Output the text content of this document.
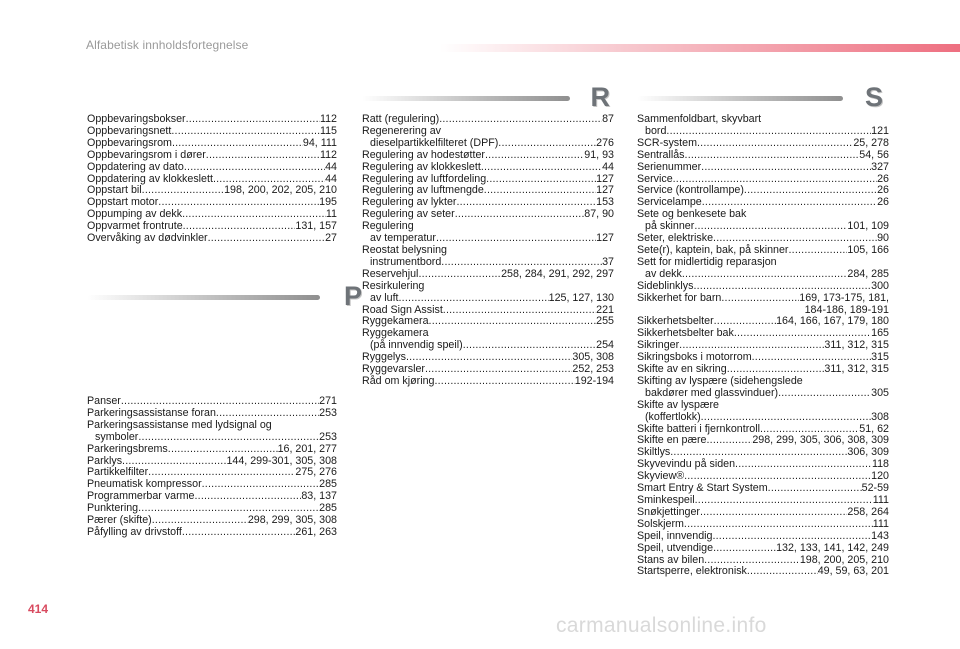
Alfabetisk innholdsfortegnelse
Oppbevaringsbokser .....	112
Oppbevaringsnett .....	115
Oppbevaringsrom .....	94, 111
Oppbevaringsrom i dører .....	112
Oppdatering av dato .....	44
Oppdatering av klokkeslett .....	44
Oppstart bil .....	198, 200, 202, 205, 210
Oppstart motor .....	195
Oppumping av dekk .....	11
Oppvarmet frontrute .....	131, 157
Overvåking av dødvinkler .....	27
P
Panser .....	271
Parkeringsassistanse foran .....	253
Parkeringsassistanse med lydsignal og
symboler .....	253
Parkeringsbrems .....	16, 201, 277
Parklys .....	144, 299-301, 305, 308
Partikkelfilter .....	275, 276
Pneumatisk kompressor .....	285
Programmerbar varme .....	83, 137
Punktering .....	285
Pærer (skifte) .....	298, 299, 305, 308
Påfylling av drivstoff .....	261, 263
R
Ratt (regulering) .....	87
Regenerering av
dieselpartikkelfilteret (DPF) .....	276
Regulering av hodestøtter .....	91, 93
Regulering av klokkeslett .....	44
Regulering av luftfordeling .....	127
Regulering av luftmengde .....	127
Regulering av lykter .....	153
Regulering av seter .....	87, 90
Regulering
av temperatur .....	127
Reostat belysning
instrumentbord .....	37
Reservehjul .....	258, 284, 291, 292, 297
Resirkulering
av luft .....	125, 127, 130
Road Sign Assist .....	221
Ryggekamera .....	255
Ryggekamera
(på innvendig speil) .....	254
Ryggelys .....	305, 308
Ryggevarsler .....	252, 253
Råd om kjøring .....	192-194
S
Sammenfoldbart, skyvbart
bord .....	121
SCR-system .....	25, 278
Sentrallås .....	54, 56
Serienummer .....	327
Service .....	26
Service (kontrollampe) .....	26
Servicelampe .....	26
Sete og benkesete bak
på skinner .....	101, 109
Seter, elektriske .....	90
Sete(r), kaptein, bak, på skinner .....	105, 166
Sett for midlertidig reparasjon
av dekk .....	284, 285
Sideblinklys .....	300
Sikkerhet for barn .....	169, 173-175, 181,
184-186, 189-191
Sikkerhetsbelter .....	164, 166, 167, 179, 180
Sikkerhetsbelter bak .....	165
Sikringer .....	311, 312, 315
Sikringsboks i motorrom .....	315
Skifte av en sikring .....	311, 312, 315
Skifting av lyspære (sidehengslede
bakdører med glassvinduer) .....	305
Skifte av lyspære
(koffertlokk) .....	308
Skifte batteri i fjernkontroll .....	51, 62
Skifte en pære .....	298, 299, 305, 306, 308, 309
Skiltlys .....	306, 309
Skyvevindu på siden .....	118
Skyview® .....	120
Smart Entry & Start System .....	52-59
Sminkespeil .....	111
Snøkjettinger .....	258, 264
Solskjerm .....	111
Speil, innvendig .....	143
Speil, utvendige .....	132, 133, 141, 142, 249
Stans av bilen .....	198, 200, 205, 210
Startsperre, elektronisk .....	49, 59, 63, 201
414
carmanualsonline.info
